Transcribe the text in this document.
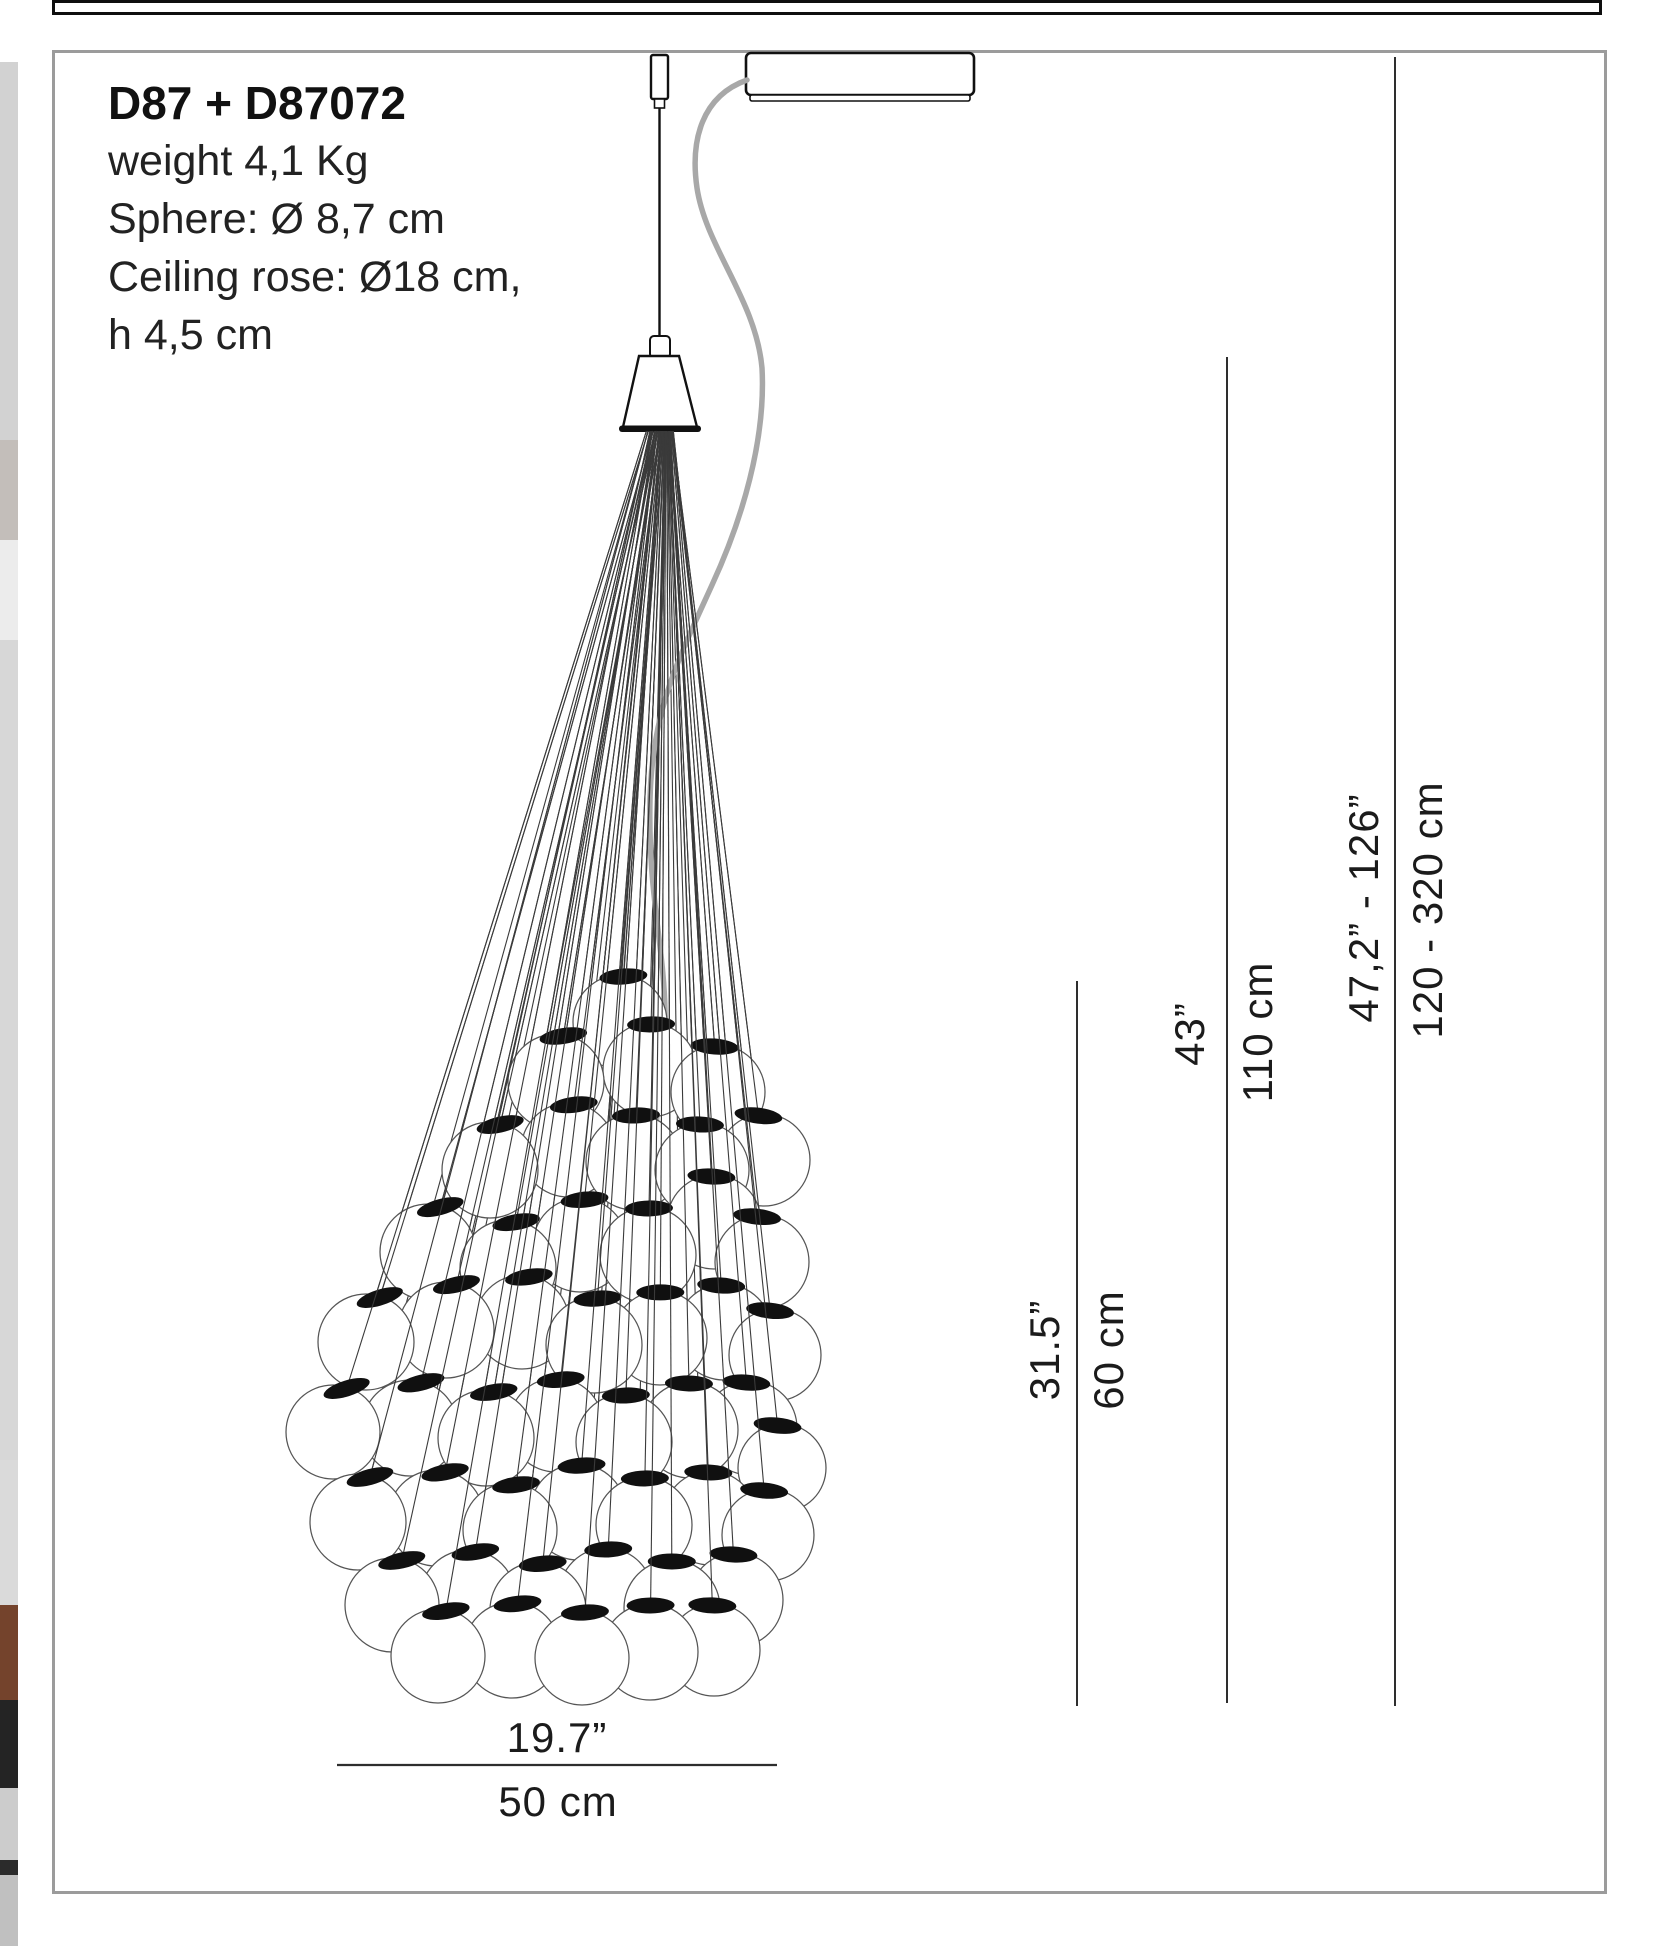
D87 + D87072
weight 4,1 Kg
Sphere: Ø 8,7 cm
Ceiling rose: Ø18 cm,
h 4,5 cm
31.5” 60 cm
43” 110 cm
47,2” - 126” 120 - 320 cm
19.7”
50 cm
